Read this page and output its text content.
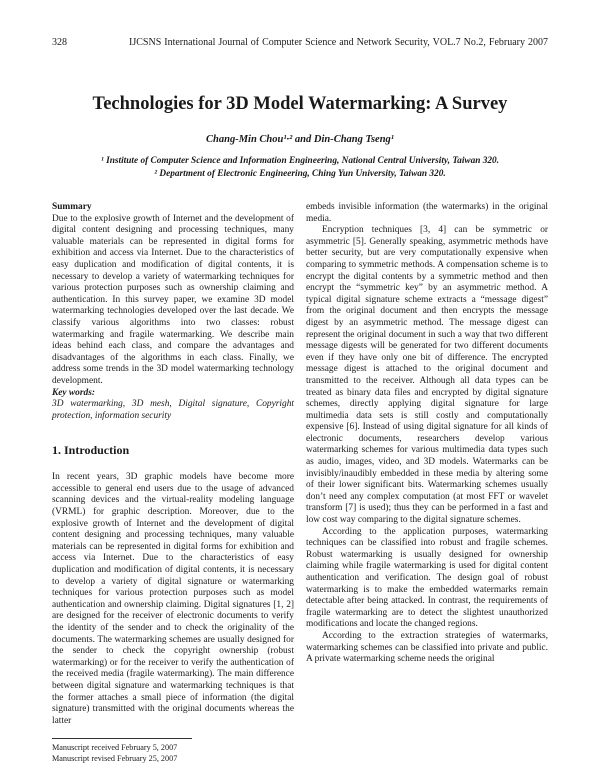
328	IJCSNS International Journal of Computer Science and Network Security, VOL.7 No.2, February 2007
Technologies for 3D Model Watermarking: A Survey
Chang-Min Chou¹·² and Din-Chang Tseng¹
¹ Institute of Computer Science and Information Engineering, National Central University, Taiwan 320.
² Department of Electronic Engineering, Ching Yun University, Taiwan 320.

Summary

Due to the explosive growth of Internet and the development of digital content designing and processing techniques, many valuable materials can be represented in digital forms for exhibition and access via Internet. Due to the characteristics of easy duplication and modification of digital contents, it is necessary to develop a variety of watermarking techniques for various protection purposes such as ownership claiming and authentication. In this survey paper, we examine 3D model watermarking technologies developed over the last decade. We classify various algorithms into two classes: robust watermarking and fragile watermarking. We describe main ideas behind each class, and compare the advantages and disadvantages of the algorithms in each class. Finally, we address some trends in the 3D model watermarking technology development.

Key words:

3D watermarking, 3D mesh, Digital signature, Copyright protection, information security

1. Introduction

In recent years, 3D graphic models have become more accessible to general end users due to the usage of advanced scanning devices and the virtual-reality modeling language (VRML) for graphic description. Moreover, due to the explosive growth of Internet and the development of digital content designing and processing techniques, many valuable materials can be represented in digital forms for exhibition and access via Internet. Due to the characteristics of easy duplication and modification of digital contents, it is necessary to develop a variety of digital signature or watermarking techniques for various protection purposes such as model authentication and ownership claiming. Digital signatures [1, 2] are designed for the receiver of electronic documents to verify the identity of the sender and to check the originality of the documents. The watermarking schemes are usually designed for the sender to check the copyright ownership (robust watermarking) or for the receiver to verify the authentication of the received media (fragile watermarking). The main difference between digital signature and watermarking techniques is that the former attaches a small piece of information (the digital signature) transmitted with the original documents whereas the latter

embeds invisible information (the watermarks) in the original media.

Encryption techniques [3, 4] can be symmetric or asymmetric [5]. Generally speaking, asymmetric methods have better security, but are very computationally expensive when comparing to symmetric methods. A compensation scheme is to encrypt the digital contents by a symmetric method and then encrypt the “symmetric key” by an asymmetric method. A typical digital signature scheme extracts a “message digest” from the original document and then encrypts the message digest by an asymmetric method. The message digest can represent the original document in such a way that two different message digests will be generated for two different documents even if they have only one bit of difference. The encrypted message digest is attached to the original document and transmitted to the receiver. Although all data types can be treated as binary data files and encrypted by digital signature schemes, directly applying digital signature for large multimedia data sets is still costly and computationally expensive [6]. Instead of using digital signature for all kinds of electronic documents, researchers develop various watermarking schemes for various multimedia data types such as audio, images, video, and 3D models. Watermarks can be invisibly/inaudibly embedded in these media by altering some of their lower significant bits. Watermarking schemes usually don’t need any complex computation (at most FFT or wavelet transform [7] is used); thus they can be performed in a fast and low cost way comparing to the digital signature schemes.

According to the application purposes, watermarking techniques can be classified into robust and fragile schemes. Robust watermarking is usually designed for ownership claiming while fragile watermarking is used for digital content authentication and verification. The design goal of robust watermarking is to make the embedded watermarks remain detectable after being attacked. In contrast, the requirements of fragile watermarking are to detect the slightest unauthorized modifications and locate the changed regions.

According to the extraction strategies of watermarks, watermarking schemes can be classified into private and public. A private watermarking scheme needs the original

Manuscript received February 5, 2007
Manuscript revised February 25, 2007
